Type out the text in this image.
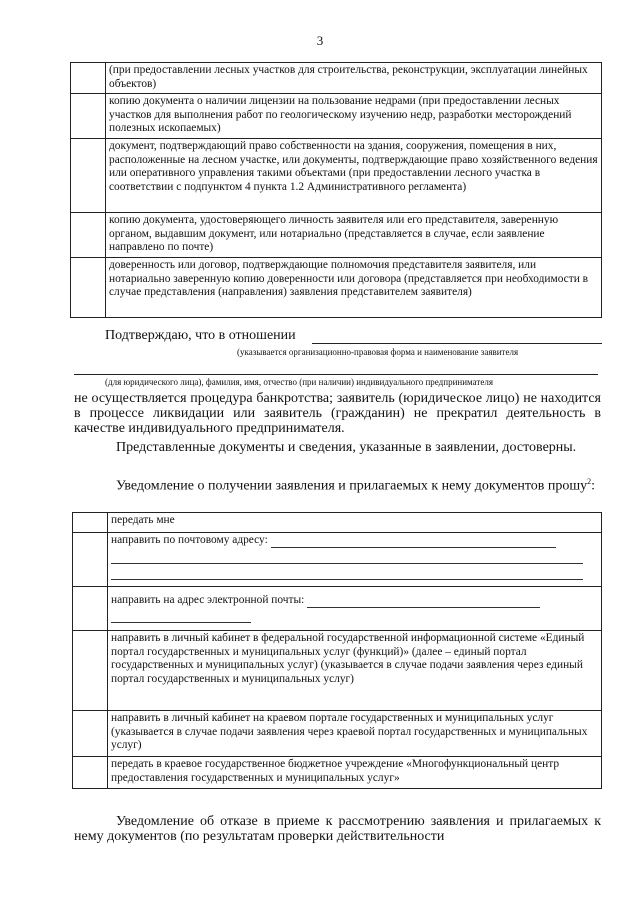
3
	(при предоставлении лесных участков для строительства, реконструкции, эксплуатации линейных объектов)
	копию документа о наличии лицензии на пользование недрами (при предоставлении лесных участков для выполнения работ по геологическому изучению недр, разработки месторождений полезных ископаемых)
	документ, подтверждающий право собственности на здания, сооружения, помещения в них, расположенные на лесном участке, или документы, подтверждающие право хозяйственного ведения или оперативного управления такими объектами (при предоставлении лесного участка в соответствии с подпунктом 4 пункта 1.2 Административного регламента)
	копию документа, удостоверяющего личность заявителя или его представителя, заверенную органом, выдавшим документ, или нотариально (представляется в случае, если заявление направлено по почте)
	доверенность или договор, подтверждающие полномочия представителя заявителя, или нотариально заверенную копию доверенности или договора (представляется при необходимости в случае представления (направления) заявления представителем заявителя)
Подтверждаю, что в отношении
(указывается организационно-правовая форма и наименование заявителя
(для юридического лица), фамилия, имя, отчество (при наличии) индивидуального предпринимателя

не осуществляется процедура банкротства; заявитель (юридическое лицо) не находится в процессе ликвидации или заявитель (гражданин) не прекратил деятельность в качестве индивидуального предпринимателя.

Представленные документы и сведения, указанные в заявлении, достоверны.

Уведомление о получении заявления и прилагаемых к нему документов прошу$^2$:

	передать мне

	направить по почтовому адресу:

	направить на адрес электронной почты:

	направить в личный кабинет в федеральной государственной информационной системе «Единый портал государственных и муниципальных услуг (функций)» (далее – единый портал государственных и муниципальных услуг) (указывается в случае подачи заявления через единый портал государственных и муниципальных услуг)
	направить в личный кабинет на краевом портале государственных и муниципальных услуг (указывается в случае подачи заявления через краевой портал государственных и муниципальных услуг)
	передать в краевое государственное бюджетное учреждение «Многофункциональный центр предоставления государственных и муниципальных услуг»

Уведомление об отказе в приеме к рассмотрению заявления и прилагаемых к нему документов (по результатам проверки действительности
